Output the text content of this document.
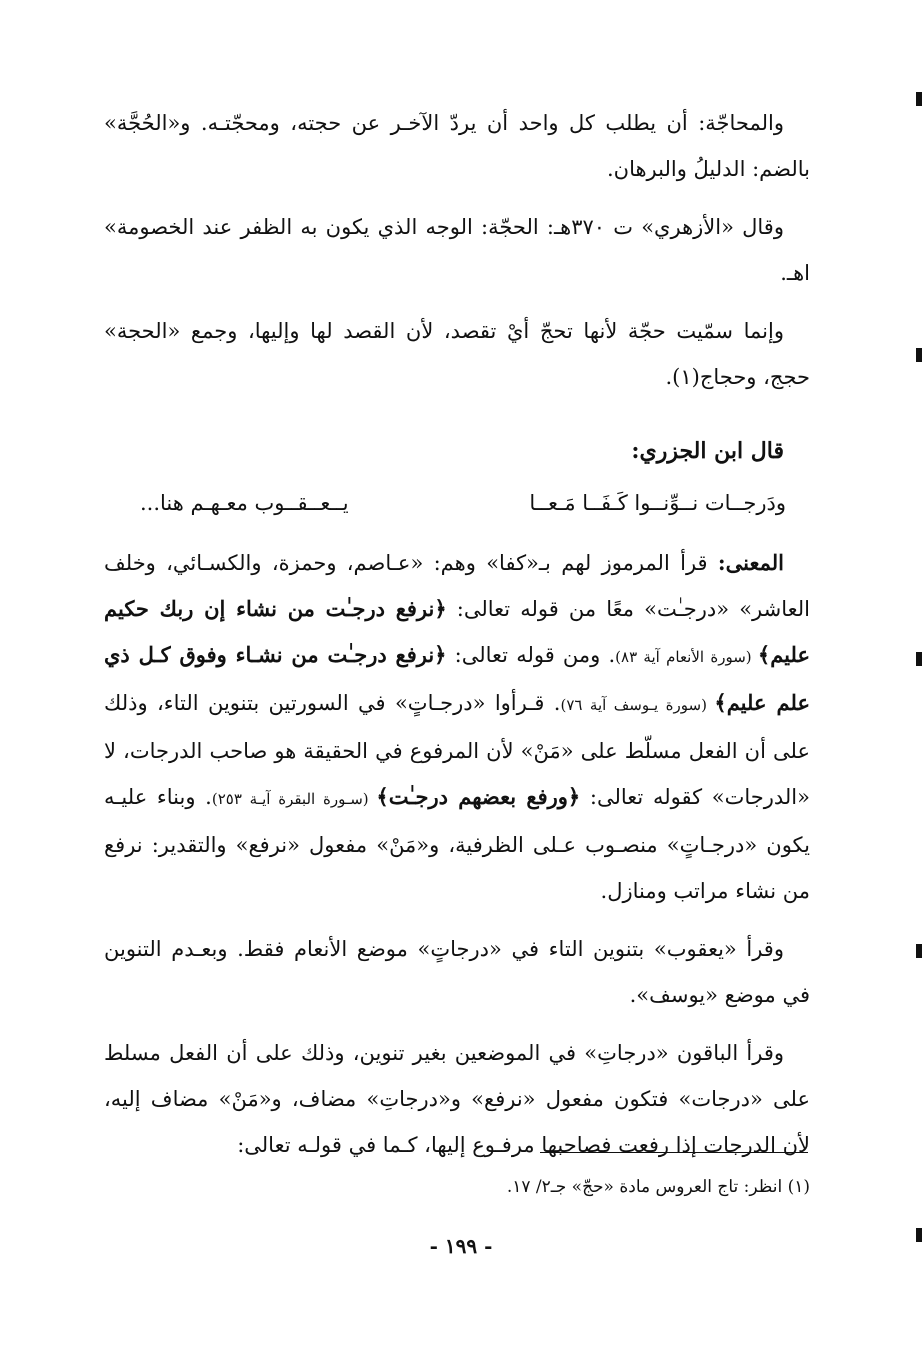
والمحاجّة: أن يطلب كل واحد أن يردّ الآخـر عن حجته، ومحجّتـه. و«الحُجَّة» بالضم: الدليلُ والبرهان.

وقال «الأزهري» ت ٣٧٠هـ: الحجّة: الوجه الذي يكون به الظفر عند الخصومة» اهـ.

وإنما سمّيت حجّة لأنها تحجّ أيْ تقصد، لأن القصد لها وإليها، وجمع «الحجة» حجج، وحجاج(١).

قال ابن الجزري:
ودَرجــات نــوِّنــوا كَـفَــا مَـعــا
يــعــقــوب معـهـم هنا...

المعنى: قرأ المرموز لهم بـ«كفا» وهم: «عـاصم، وحمزة، والكسـائي، وخلف العاشر» «درجـٰت» معًا من قوله تعالى: ﴿نرفع درجـٰت من نشاء إن ربك حكيم عليم﴾ (سورة الأنعام آية ٨٣). ومن قوله تعالى: ﴿نرفع درجـٰت من نشـاء وفوق كـل ذي علم عليم﴾ (سورة يـوسف آية ٧٦). قـرأوا «درجـاتٍ» في السورتين بتنوين التاء، وذلك على أن الفعل مسلّط على «مَنْ» لأن المرفوع في الحقيقة هو صاحب الدرجات، لا «الدرجات» كقوله تعالى: ﴿ورفع بعضهم درجـٰت﴾ (سـورة البقرة آيـة ٢٥٣). وبناء عليـه يكون «درجـاتٍ» منصـوب عـلى الظرفية، و«مَنْ» مفعول «نرفع» والتقدير: نرفع من نشاء مراتب ومنازل.

وقرأ «يعقوب» بتنوين التاء في «درجاتٍ» موضع الأنعام فقط. وبعـدم التنوين في موضع «يوسف».

وقرأ الباقون «درجاتِ» في الموضعين بغير تنوين، وذلك على أن الفعل مسلط على «درجات» فتكون مفعول «نرفع» و«درجاتِ» مضاف، و«مَنْ» مضاف إليه، لأن الدرجات إذا رفعت فصاحبها مرفـوع إليها، كـما في قولـه تعالى:

(١) انظر: تاج العروس مادة «حجّ» جـ٢/ ١٧.
- ١٩٩ -
